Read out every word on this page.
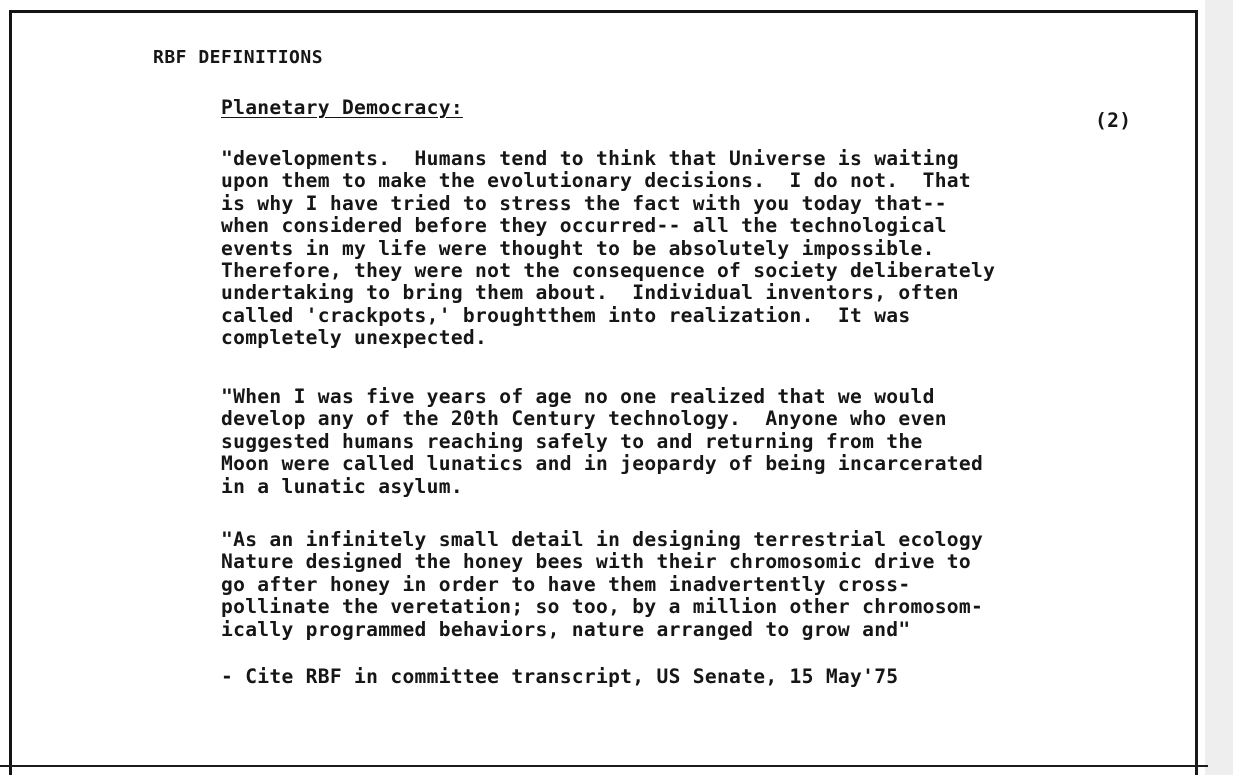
RBF DEFINITIONS
Planetary Democracy:
(2)
"developments.  Humans tend to think that Universe is waiting
upon them to make the evolutionary decisions.  I do not.  That
is why I have tried to stress the fact with you today that--
when considered before they occurred-- all the technological
events in my life were thought to be absolutely impossible.
Therefore, they were not the consequence of society deliberately
undertaking to bring them about.  Individual inventors, often
called 'crackpots,' broughtthem into realization.  It was
completely unexpected.
"When I was five years of age no one realized that we would
develop any of the 20th Century technology.  Anyone who even
suggested humans reaching safely to and returning from the
Moon were called lunatics and in jeopardy of being incarcerated
in a lunatic asylum.
"As an infinitely small detail in designing terrestrial ecology
Nature designed the honey bees with their chromosomic drive to
go after honey in order to have them inadvertently cross-
pollinate the veretation; so too, by a million other chromosom-
ically programmed behaviors, nature arranged to grow and"
- Cite RBF in committee transcript, US Senate, 15 May'75
